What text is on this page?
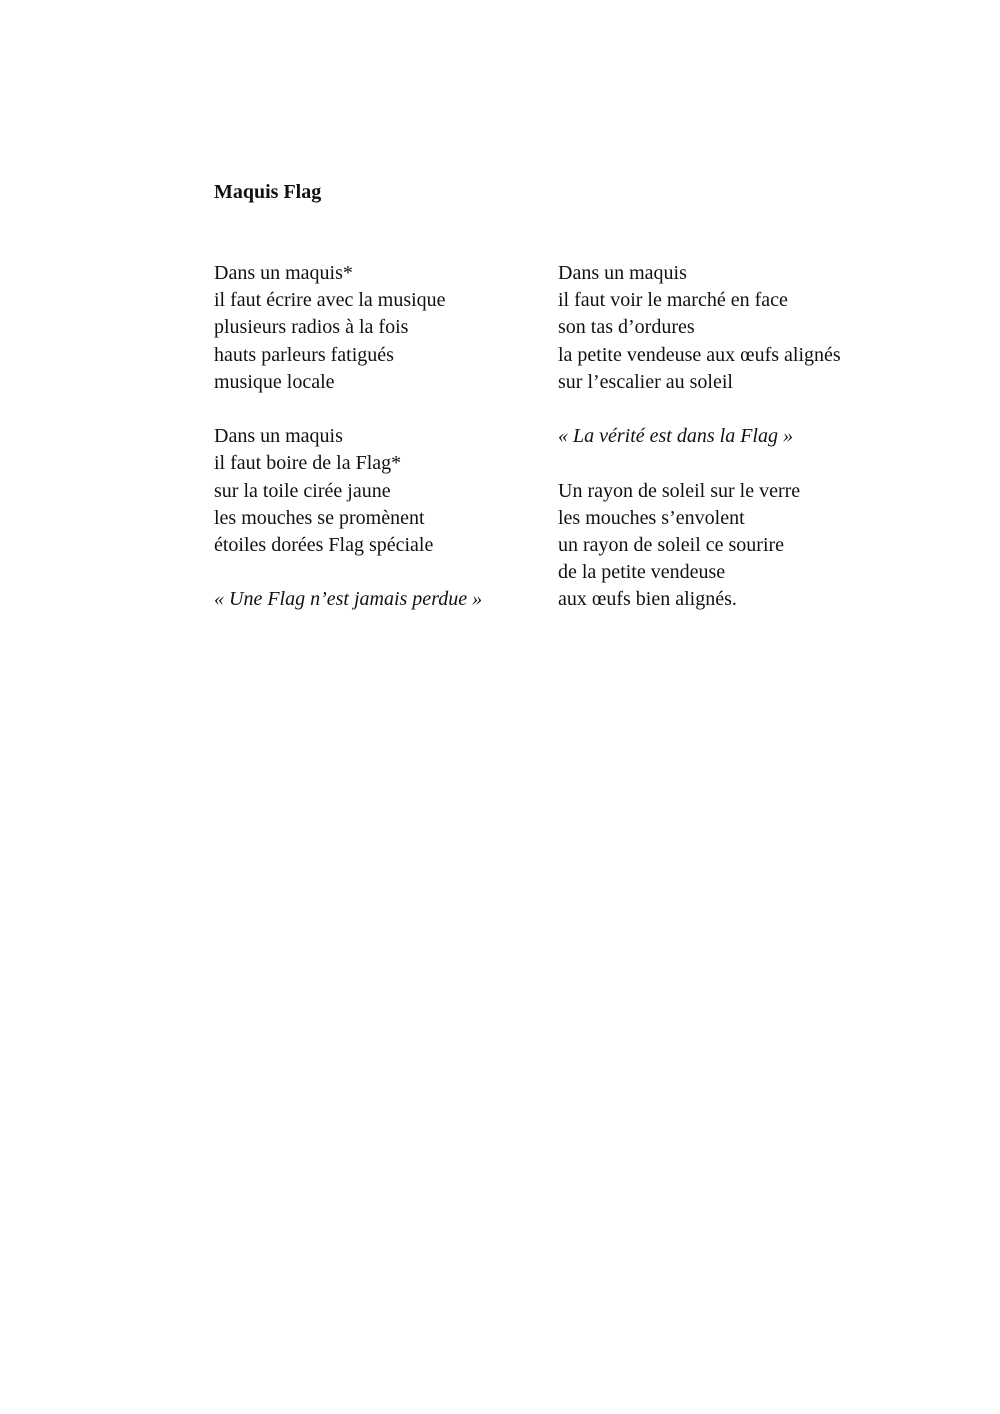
Maquis Flag

Dans un maquis*
il faut écrire avec la musique
plusieurs radios à la fois
hauts parleurs fatigués
musique locale

Dans un maquis
il faut boire de la Flag*
sur la toile cirée jaune
les mouches se promènent
étoiles dorées Flag spéciale

« Une Flag n’est jamais perdue »

Dans un maquis
il faut voir le marché en face
son tas d’ordures
la petite vendeuse aux œufs alignés
sur l’escalier au soleil

« La vérité est dans la Flag »

Un rayon de soleil sur le verre
les mouches s’envolent
un rayon de soleil ce sourire
de la petite vendeuse
aux œufs bien alignés.
